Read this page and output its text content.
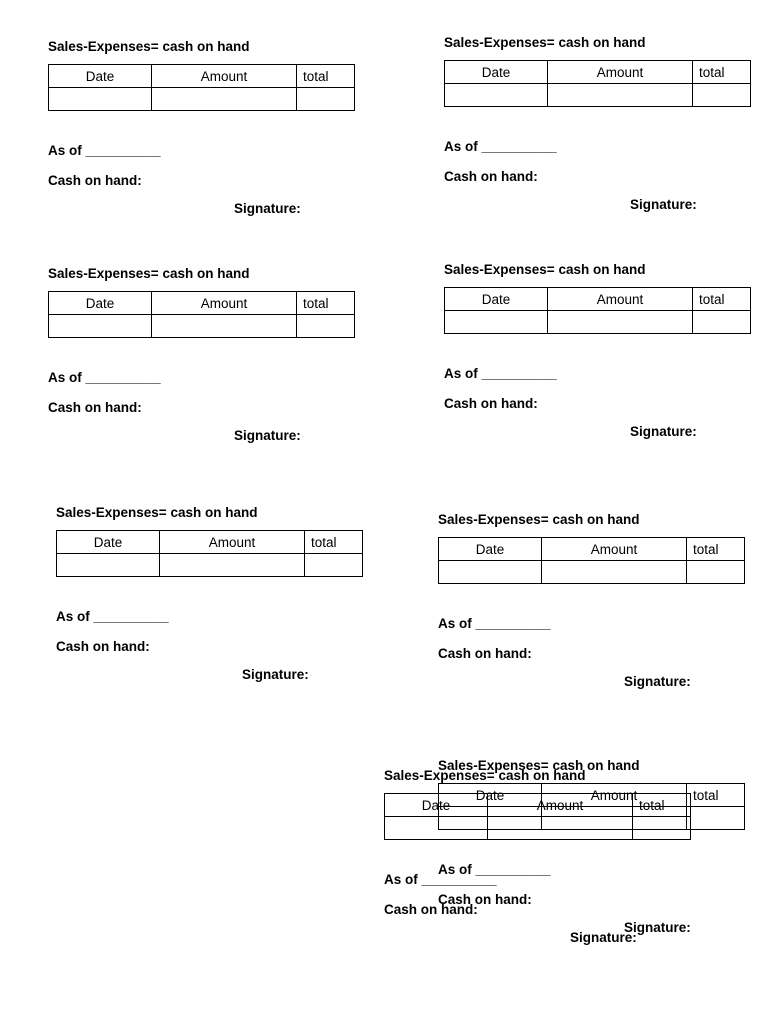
Sales-Expenses= cash on hand
Date	Amount	total

As of __________
Cash on hand:
Signature:
Sales-Expenses= cash on hand
Date	Amount	total

As of __________
Cash on hand:
Signature:
Sales-Expenses= cash on hand
Date	Amount	total

As of __________
Cash on hand:
Signature:
Sales-Expenses= cash on hand
Date	Amount	total

As of __________
Cash on hand:
Signature:
Sales-Expenses= cash on hand
Date	Amount	total

As of __________
Cash on hand:
Signature:
Sales-Expenses= cash on hand
Date	Amount	total

As of __________
Cash on hand:
Signature:
Sales-Expenses= cash on hand
Date	Amount	total

As of __________
Cash on hand:
Signature:
Sales-Expenses= cash on hand
Date	Amount	total

As of __________
Cash on hand:
Signature:
